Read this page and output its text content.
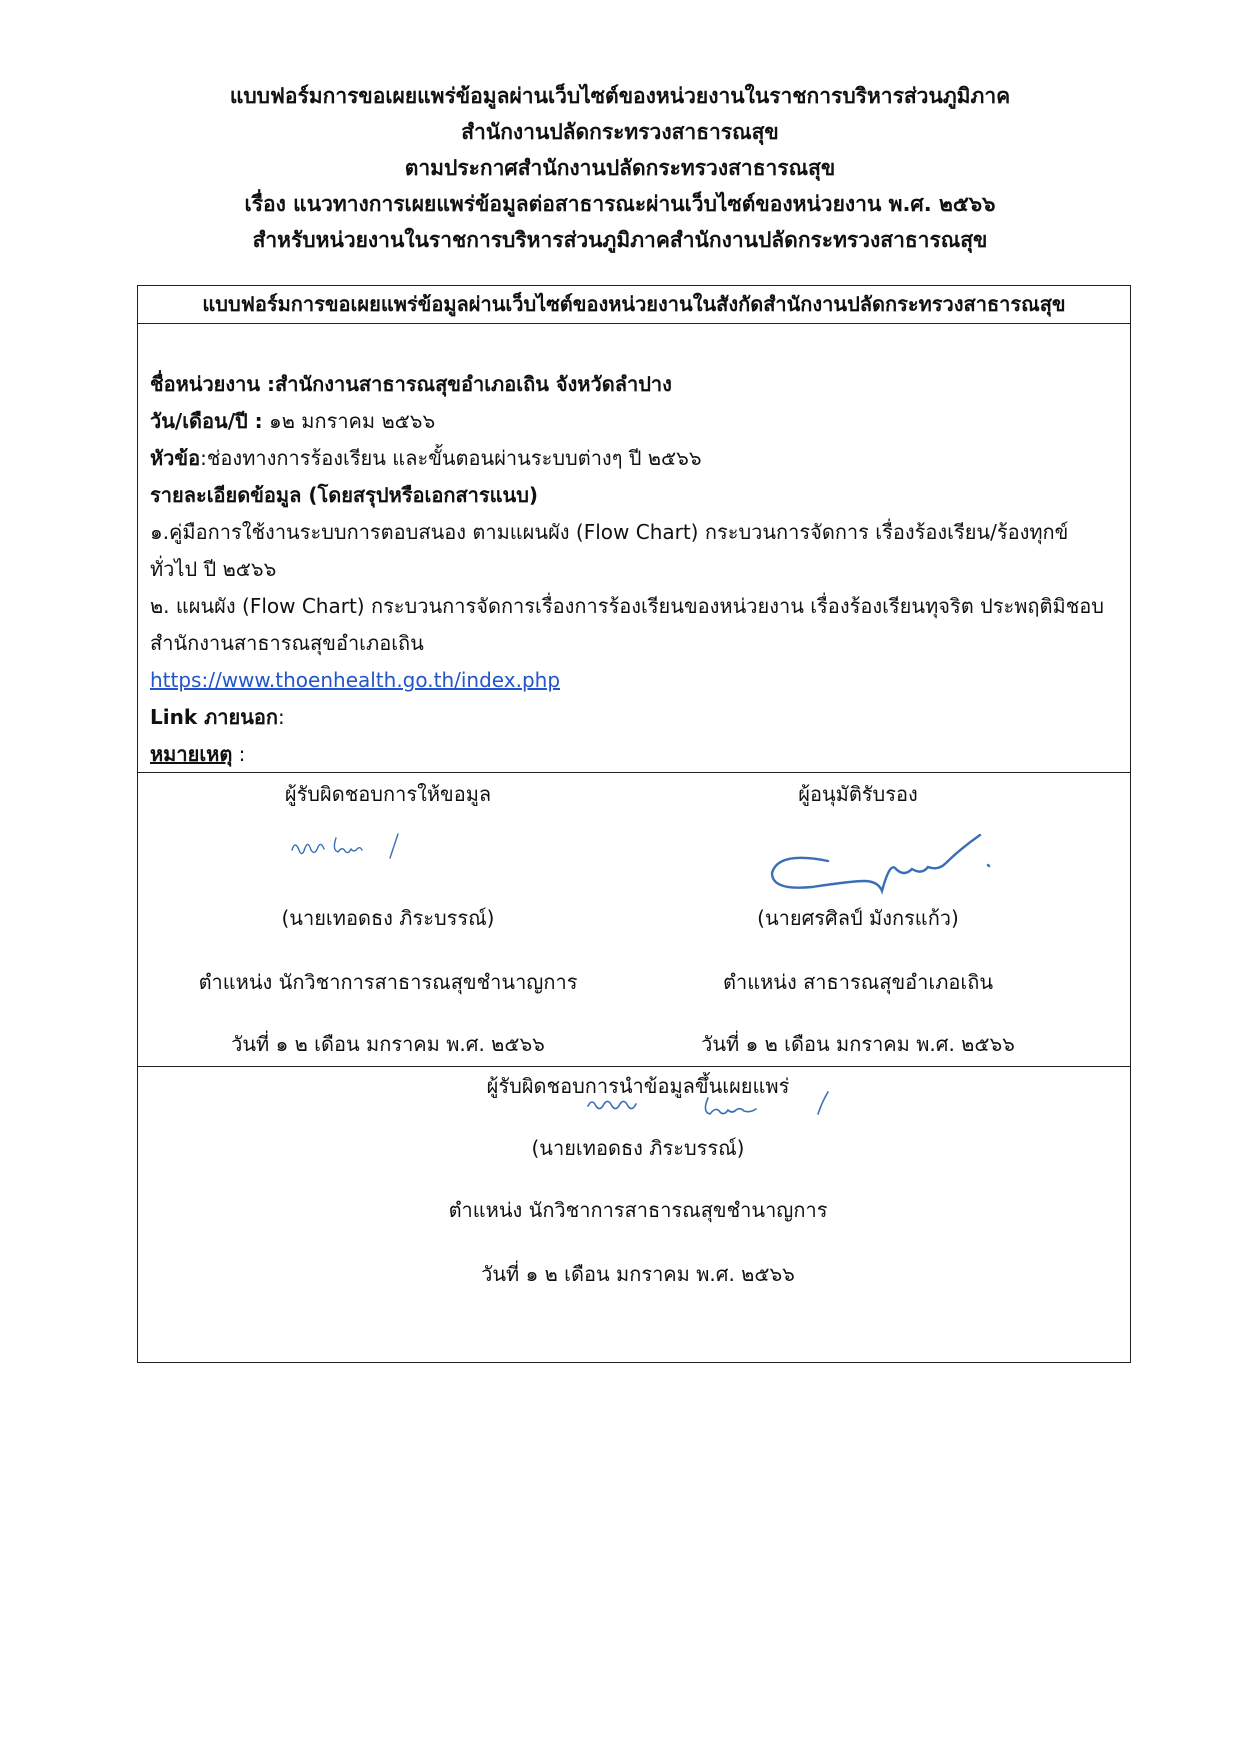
แบบฟอร์มการขอเผยแพร่ข้อมูลผ่านเว็บไซต์ของหน่วยงานในราชการบริหารส่วนภูมิภาค
สำนักงานปลัดกระทรวงสาธารณสุข
ตามประกาศสำนักงานปลัดกระทรวงสาธารณสุข
เรื่อง แนวทางการเผยแพร่ข้อมูลต่อสาธารณะผ่านเว็บไซต์ของหน่วยงาน พ.ศ. ๒๕๖๖
สำหรับหน่วยงานในราชการบริหารส่วนภูมิภาคสำนักงานปลัดกระทรวงสาธารณสุข
แบบฟอร์มการขอเผยแพร่ข้อมูลผ่านเว็บไซต์ของหน่วยงานในสังกัดสำนักงานปลัดกระทรวงสาธารณสุข
ชื่อหน่วยงาน :สำนักงานสาธารณสุขอำเภอเถิน จังหวัดลำปาง
วัน/เดือน/ปี : ๑๒ มกราคม ๒๕๖๖
หัวข้อ:ช่องทางการร้องเรียน และขั้นตอนผ่านระบบต่างๆ ปี ๒๕๖๖
รายละเอียดข้อมูล (โดยสรุปหรือเอกสารแนบ)
๑.คู่มือการใช้งานระบบการตอบสนอง ตามแผนผัง (Flow Chart) กระบวนการจัดการ เรื่องร้องเรียน/ร้องทุกข์ทั่วไป ปี ๒๕๖๖
๒. แผนผัง (Flow Chart) กระบวนการจัดการเรื่องการร้องเรียนของหน่วยงาน เรื่องร้องเรียนทุจริต ประพฤติมิชอบ สำนักงานสาธารณสุขอำเภอเถิน
https://www.thoenhealth.go.th/index.php
Link ภายนอก:
หมายเหตุ :
ผู้รับผิดชอบการให้ขอมูล
(นายเทอดธง ภิระบรรณ์)
ตำแหน่ง นักวิชาการสาธารณสุขชำนาญการ
วันที่ ๑ ๒ เดือน มกราคม พ.ศ. ๒๕๖๖
ผู้อนุมัติรับรอง
(นายศรศิลป์ มังกรแก้ว)
ตำแหน่ง สาธารณสุขอำเภอเถิน
วันที่ ๑ ๒ เดือน มกราคม พ.ศ. ๒๕๖๖
ผู้รับผิดชอบการนำข้อมูลขึ้นเผยแพร่
(นายเทอดธง ภิระบรรณ์)
ตำแหน่ง นักวิชาการสาธารณสุขชำนาญการ
วันที่ ๑ ๒ เดือน มกราคม พ.ศ. ๒๕๖๖
